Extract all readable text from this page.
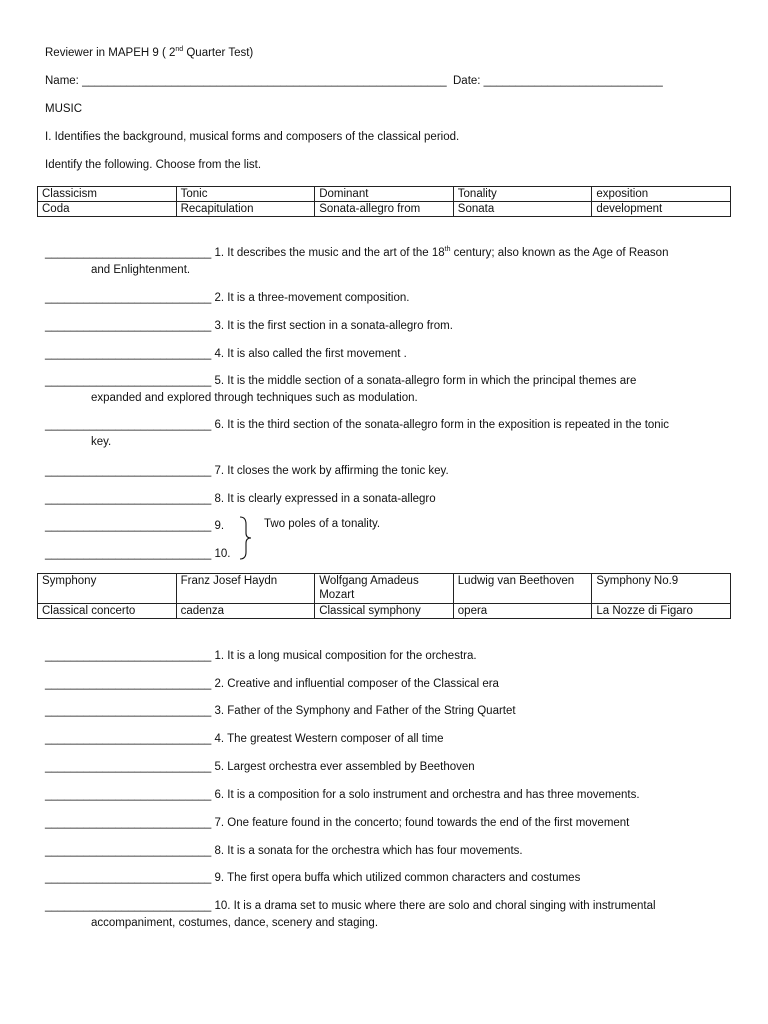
Reviewer in MAPEH 9 ( 2nd Quarter Test)
Name: _________________________________________________________ Date: ____________________________
MUSIC
I. Identifies the background, musical forms and composers of the classical period.
Identify the following. Choose from the list.
Classicism	Tonic	Dominant	Tonality	exposition
Coda	Recapitulation	Sonata-allegro from	Sonata	development
__________________________ 1. It describes the music and the art of the 18th century; also known as the Age of Reason
and Enlightenment.
__________________________ 2. It is a three-movement composition.
__________________________ 3. It is the first section in a sonata-allegro from.
__________________________ 4. It is also called the first movement .
__________________________ 5. It is the middle section of a sonata-allegro form in which the principal themes are
expanded and explored through techniques such as modulation.
__________________________ 6. It is the third section of the sonata-allegro form in the exposition is repeated in the tonic
key.
__________________________ 7. It closes the work by affirming the tonic key.
__________________________ 8. It is clearly expressed in a sonata-allegro
__________________________ 9.
__________________________ 10.
Two poles of a tonality.
Symphony	Franz Josef Haydn	Wolfgang Amadeus Mozart	Ludwig van Beethoven	Symphony No.9
Classical concerto	cadenza	Classical symphony	opera	La Nozze di Figaro
__________________________ 1. It is a long musical composition for the orchestra.
__________________________ 2. Creative and influential composer of the Classical era
__________________________ 3. Father of the Symphony and Father of the String Quartet
__________________________ 4. The greatest Western composer of all time
__________________________ 5. Largest orchestra ever assembled by Beethoven
__________________________ 6. It is a composition for a solo instrument and orchestra and has three movements.
__________________________ 7. One feature found in the concerto; found towards the end of the first movement
__________________________ 8. It is a sonata for the orchestra which has four movements.
__________________________ 9. The first opera buffa which utilized common characters and costumes
__________________________ 10. It is a drama set to music where there are solo and choral singing with instrumental
accompaniment, costumes, dance, scenery and staging.
